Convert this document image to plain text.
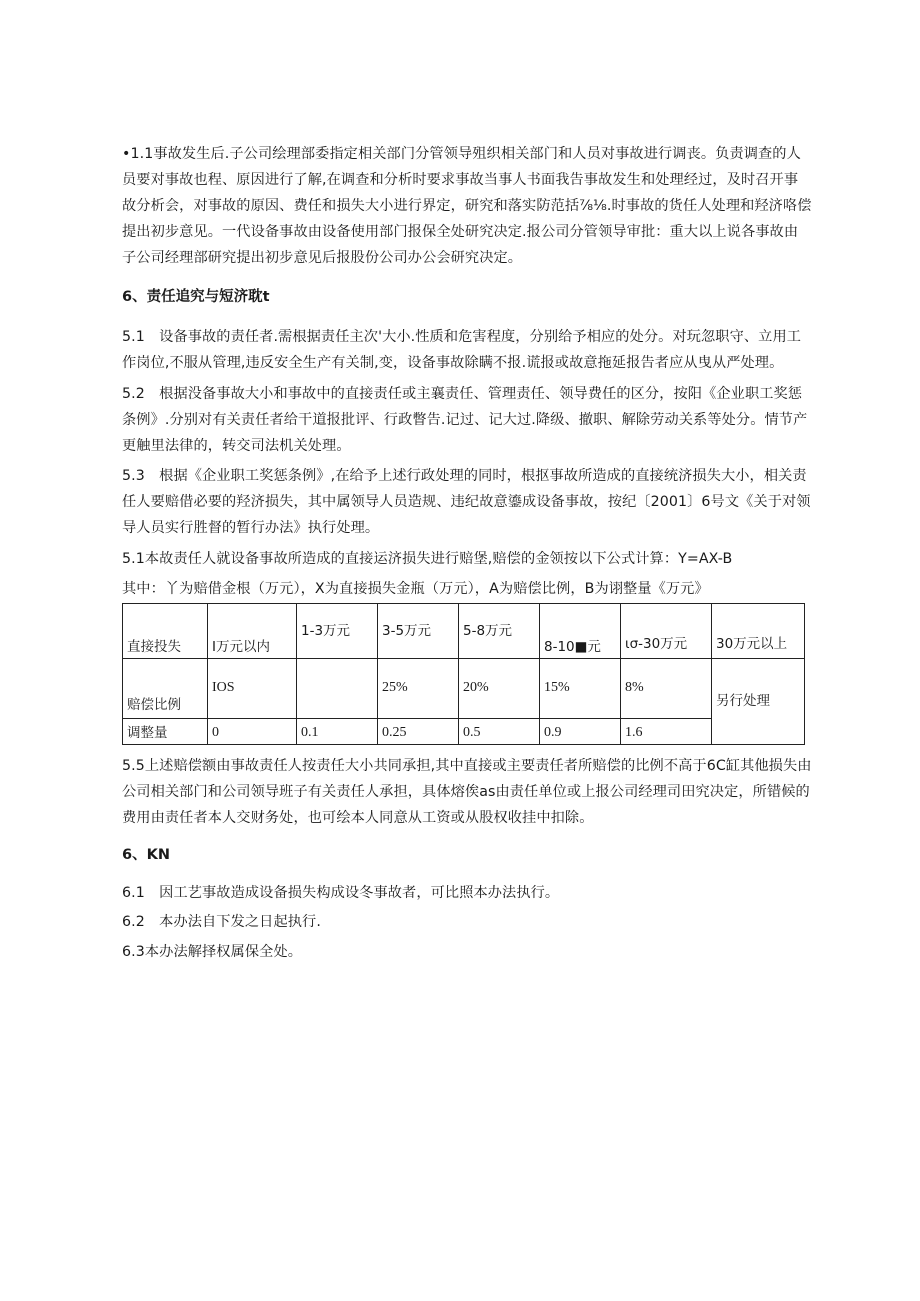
•1.1事故发生后.子公司绘理部委指定相关部门分管领导殂织相关部门和人员对事故进行调丧。负责调查的人员要对事故也程、原因进行了解,在调查和分析时要求事故当事人书面我告事故发生和处理经过，及时召开事故分析会，对事故的原因、费任和损失大小进行界定，研究和落实防范括⅞⅛.时事故的货任人处理和羟济咯偿提出初步意见。一代设备事故由设备使用部门报保全处研究决定.报公司分管领导审批：重大以上说各事故由子公司经理部研究提出初步意见后报股份公司办公会研究决定。

6、责任追究与短济耽t

5.1　设备事故的责任者.需根据责任主次'大小.性质和危害程度，分别给予相应的处分。对玩忽职守、立用工作岗位,不服从管理,违反安全生产有关制,变，设备事故除瞒不报.谎报或故意拖延报告者应从曳从严处理。

5.2　根据没备事故大小和事故中的直接责任或主襄责任、管理责任、领导费任的区分，按阳《企业职工奖惩条例》.分别对有关责任者给干道报批评、行政瞥告.记过、记大过.降级、撤职、解除劳动关系等处分。情节产更触里法律的，转交司法机关处理。

5.3　根据《企业职工奖惩条例》,在给予上述行政处理的同时，根抠事故所造成的直接统济损失大小，相关责任人要赔借必要的羟济损失，其中属领导人员造规、违纪故意鎏成设备事故，按纪〔2001〕6号文《关于对领导人员实行胜督的暂行办法》执行处理。

5.1本故责任人就设备事故所造成的直接运济损失进行赔堡,赔偿的金领按以下公式计算：Y=AX-B

其中：丫为赔借金根（万元），X为直接损失金瓶（万元），A为赔偿比例，B为诩整量《万元》

直接投失	I万元以内	1-3万元	3-5万元	5-8万元	8-10■元	ισ-30万元	30万元以上
赔偿比例	IOS		25%	20%	15%	8%	另行处理
调整量	0	0.1	0.25	0.5	0.9	1.6	

5.5上述赔偿额由事故责任人按责任大小共同承担,其中直接或主要责任者所赔偿的比例不高于6C缸其他损失由公司相关部门和公司领导班子有关责任人承担，具体熔俟as由责任单位或上报公司经理司田究决定，所错候的费用由责任者本人交财务处，也可绘本人同意从工资或从股权收挂中扣除。

6、KN

6.1　因工艺事故造成设备损失构成设冬事故者，可比照本办法执行。

6.2　本办法自下发之日起执行.

6.3本办法解择权属保全处。
